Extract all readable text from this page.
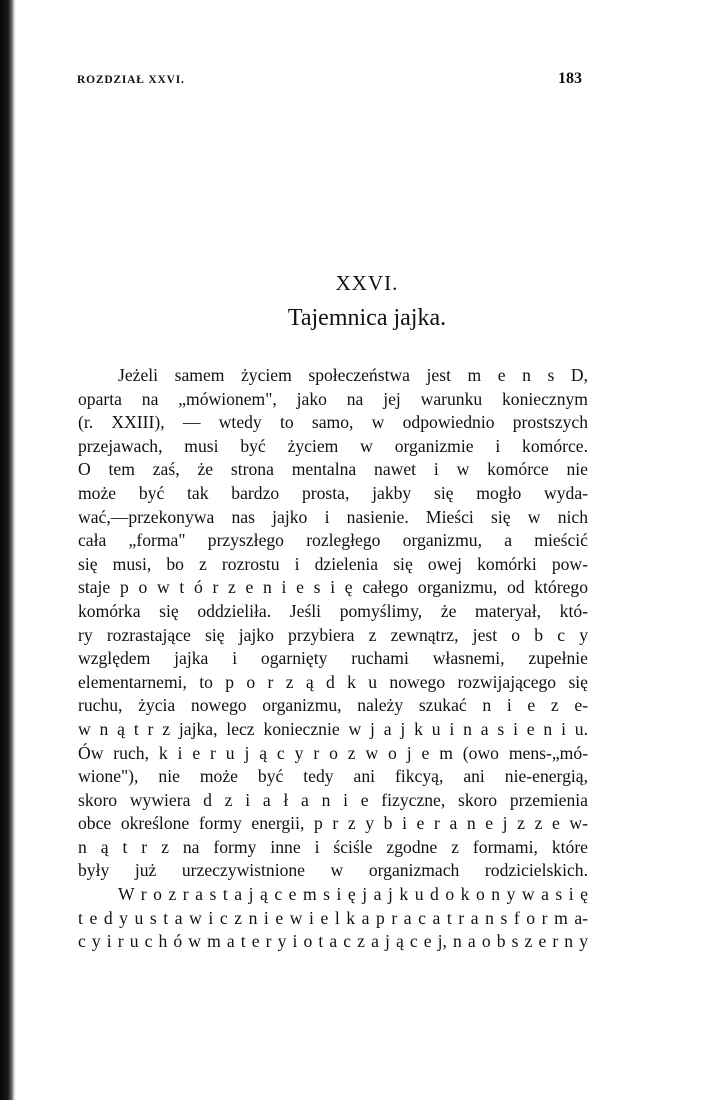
ROZDZIAŁ XXVI.	183
XXVI.
Tajemnica jajka.
Jeżeli samem życiem społeczeństwa jest m e n s D,
oparta na „mówionem", jako na jej warunku koniecznym
(r. XXIII), — wtedy to samo, w odpowiednio prostszych
przejawach, musi być życiem w organizmie i komórce.
O tem zaś, że strona mentalna nawet i w komórce nie
może być tak bardzo prosta, jakby się mogło wyda-
wać,—przekonywa nas jajko i nasienie. Mieści się w nich
cała „forma" przyszłego rozległego organizmu, a mieścić
się musi, bo z rozrostu i dzielenia się owej komórki pow-
staje p o w t ó r z e n i e s i ę całego organizmu, od którego
komórka się oddzieliła. Jeśli pomyślimy, że materyał, któ-
ry rozrastające się jajko przybiera z zewnątrz, jest o b c y
względem jajka i ogarnięty ruchami własnemi, zupełnie
elementarnemi, to p o r z ą d k u nowego rozwijającego się
ruchu, życia nowego organizmu, należy szukać n i e z e-
w n ą t r z jajka, lecz koniecznie w j a j k u i n a s i e n i u.
Ów ruch, k i e r u j ą c y r o z w o j e m (owo mens-„mó-
wione"), nie może być tedy ani fikcyą, ani nie-energią,
skoro wywiera d z i a ł a n i e fizyczne, skoro przemienia
obce określone formy energii, p r z y b i e r a n e j z z e w-
n ą t r z na formy inne i ściśle zgodne z formami, które
były już urzeczywistnione w organizmach rodzicielskich.
W r o z r a s t a j ą c e m s i ę j a j k u d o k o n y w a s i ę
t e d y u s t a w i c z n i e w i e l k a p r a c a t r a n s f o r m a-
c y i r u c h ó w m a t e r y i o t a c z a j ą c e j, n a o b s z e r n y
